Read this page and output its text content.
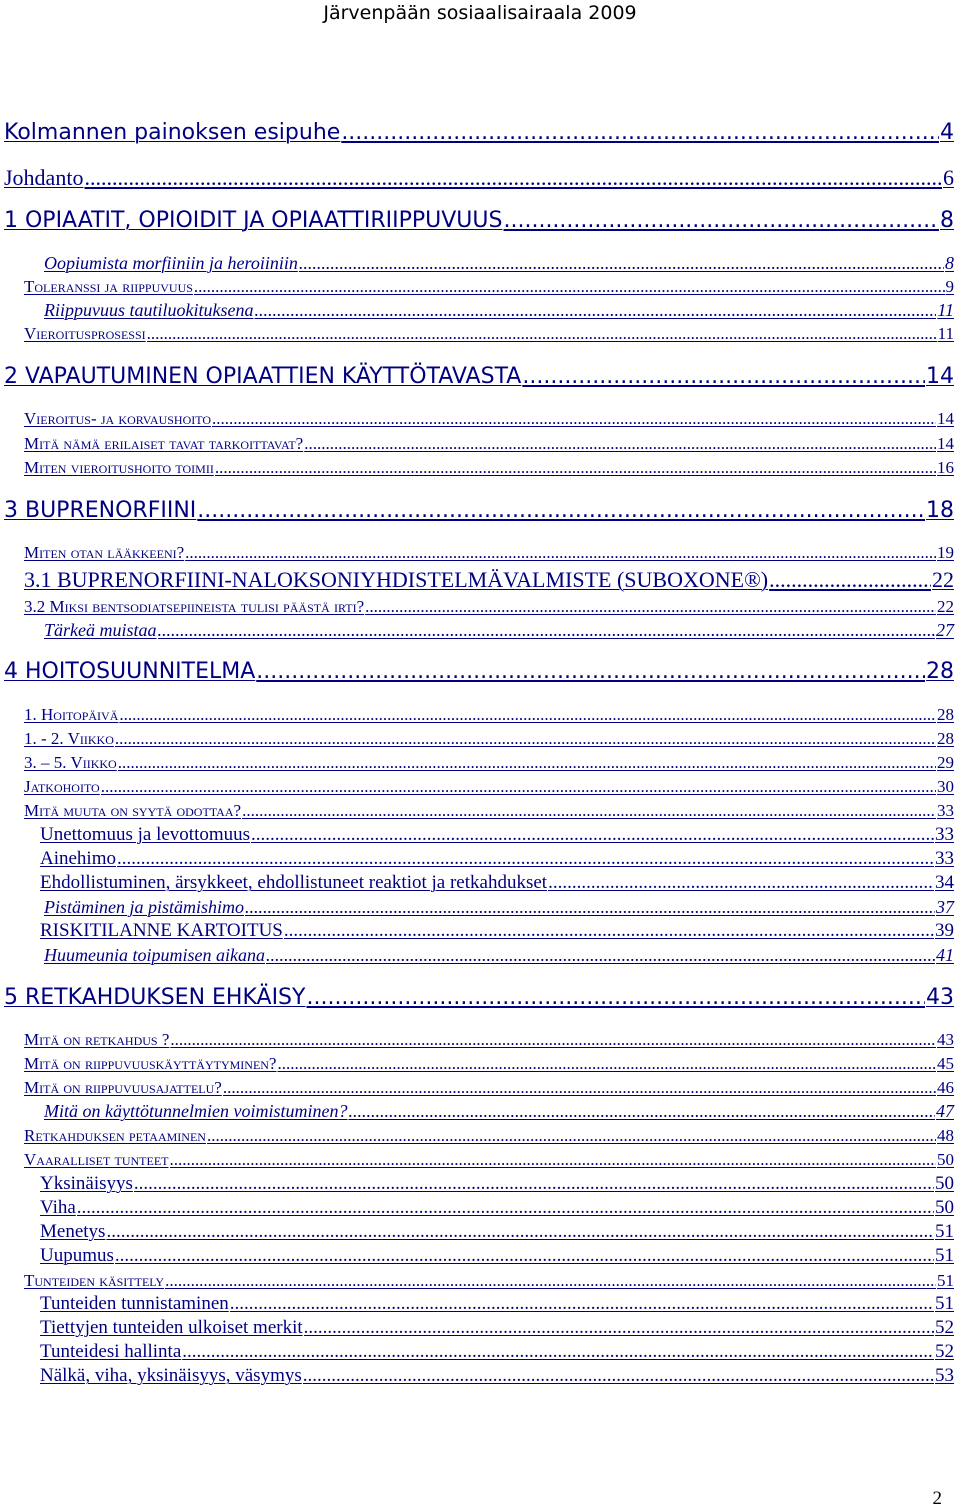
Järvenpään sosiaalisairaala 2009
Kolmannen painoksen esipuhe .....	4
Johdanto .....	6
1 OPIAATIT, OPIOIDIT JA OPIAATTIRIIPPUVUUS .....	8
Oopiumista morfiiniin ja heroiiniin .....	8
Toleranssi ja riippuvuus .....	9
Riippuvuus tautiluokituksena .....	11
Vieroitusprosessi .....	11
2 VAPAUTUMINEN OPIAATTIEN KÄYTTÖTAVASTA .....	14
Vieroitus- ja korvaushoito .....	14
Mitä nämä erilaiset tavat tarkoittavat? .....	14
Miten vieroitushoito toimii .....	16
3 BUPRENORFIINI .....	18
Miten otan lääkkeeni? .....	19
3.1 BUPRENORFIINI-NALOKSONIYHDISTELMÄVALMISTE (SUBOXONE®) .....	22
3.2 Miksi bentsodiatsepiineista tulisi päästä irti? .....	22
Tärkeä muistaa .....	27
4 HOITOSUUNNITELMA .....	28
1. Hoitopäivä .....	28
1. - 2. Viikko .....	28
3. – 5. Viikko .....	29
Jatkohoito .....	30
Mitä muuta on syytä odottaa? .....	33
Unettomuus ja levottomuus .....	33
Ainehimo .....	33
Ehdollistuminen, ärsykkeet, ehdollistuneet reaktiot ja retkahdukset .....	34
Pistäminen ja pistämishimo .....	37
RISKITILANNE KARTOITUS .....	39
Huumeunia toipumisen aikana .....	41
5 RETKAHDUKSEN EHKÄISY .....	43
Mitä on retkahdus ? .....	43
Mitä on riippuvuuskäyttäytyminen? .....	45
Mitä on riippuvuusajattelu? .....	46
Mitä on käyttötunnelmien voimistuminen? .....	47
Retkahduksen petaaminen .....	48
Vaaralliset tunteet .....	50
Yksinäisyys .....	50
Viha .....	50
Menetys .....	51
Uupumus .....	51
Tunteiden käsittely .....	51
Tunteiden tunnistaminen .....	51
Tiettyjen tunteiden ulkoiset merkit .....	52
Tunteidesi hallinta .....	52
Nälkä, viha, yksinäisyys, väsymys .....	53
2
